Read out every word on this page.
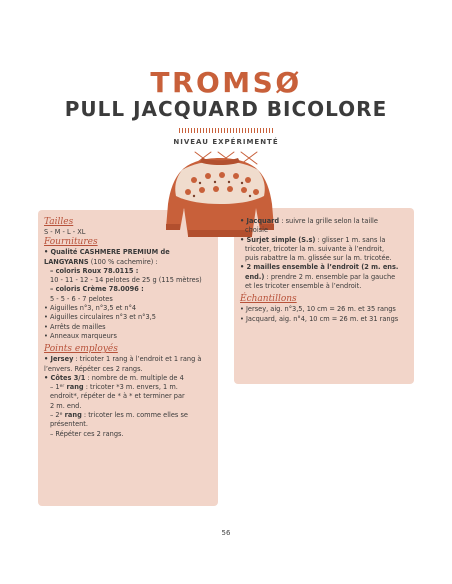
TROMSØ
PULL JACQUARD BICOLORE
NIVEAU EXPÉRIMENTÉ
Tailles
S - M - L - XL
Fournitures
• Qualité CASHMERE PREMIUM de
LANGYARNS (100 % cachemire) :
– coloris Roux 78.0115 :
10 - 11 - 12 - 14 pelotes de 25 g (115 mètres)
– coloris Crème 78.0096 :
5 - 5 - 6 - 7 pelotes
• Aiguilles n°3, n°3,5 et n°4
• Aiguilles circulaires n°3 et n°3,5
• Arrêts de mailles
• Anneaux marqueurs
Points employés
• Jersey : tricoter 1 rang à l’endroit et 1 rang à
l’envers. Répéter ces 2 rangs.
• Côtes 3/1 : nombre de m. multiple de 4
– 1er rang : tricoter *3 m. envers, 1 m.
endroit*, répéter de * à * et terminer par
2 m. end.
– 2e rang : tricoter les m. comme elles se
présentent.
– Répéter ces 2 rangs.
• Jacquard : suivre la grille selon la taille
choisie
• Surjet simple (S.s) : glisser 1 m. sans la
tricoter, tricoter la m. suivante à l’endroit,
puis rabattre la m. glissée sur la m. tricotée.
• 2 mailles ensemble à l’endroit (2 m. ens.
end.) : prendre 2 m. ensemble par la gauche
et les tricoter ensemble à l’endroit.
Échantillons
• Jersey, aig. n°3,5, 10 cm = 26 m. et 35 rangs
• Jacquard, aig. n°4, 10 cm = 26 m. et 31 rangs
56
